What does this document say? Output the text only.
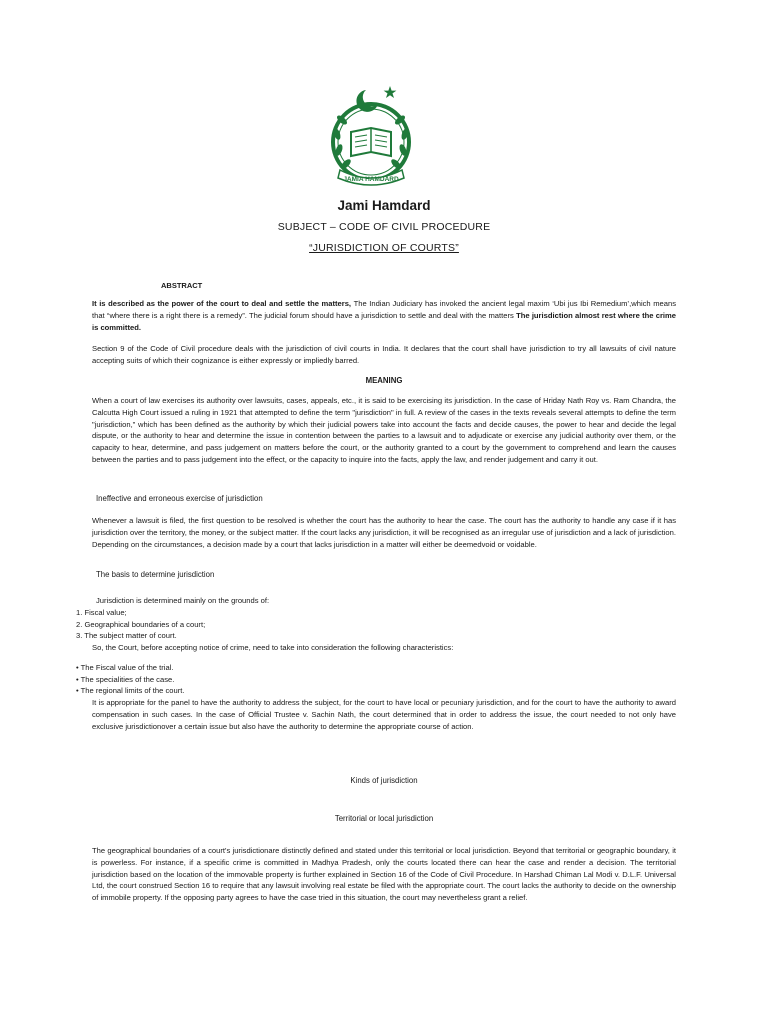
JAMIA HAMDARD
Jami Hamdard
SUBJECT – CODE OF CIVIL PROCEDURE
“JURISDICTION OF COURTS”
ABSTRACT
It is described as the power of the court to deal and settle the matters, The Indian Judiciary has invoked the ancient legal maxim ‘Ubi jus Ibi Remedium’,which means that “where there is a right there is a remedy”. The judicial forum should have a jurisdiction to settle and deal with the matters The jurisdiction almost rest where the crime is committed.
Section 9 of the Code of Civil procedure deals with the jurisdiction of civil courts in India. It declares that the court shall have jurisdiction to try all lawsuits of civil nature accepting suits of which their cognizance is either expressly or impliedly barred.
MEANING
When a court of law exercises its authority over lawsuits, cases, appeals, etc., it is said to be exercising its jurisdiction. In the case of Hriday Nath Roy vs. Ram Chandra, the Calcutta High Court issued a ruling in 1921 that attempted to define the term "jurisdiction" in full. A review of the cases in the texts reveals several attempts to define the term "jurisdiction," which has been defined as the authority by which their judicial powers take into account the facts and decide causes, the power to hear and decide the legal dispute, or the authority to hear and determine the issue in contention between the parties to a lawsuit and to adjudicate or exercise any judicial authority over them, or the capacity to hear, determine, and pass judgement on matters before the court, or the authority granted to a court by the government to comprehend and learn the causes between the parties and to pass judgement into the effect, or the capacity to inquire into the facts, apply the law, and render judgement and carry it out.
Ineffective and erroneous exercise of jurisdiction
Whenever a lawsuit is filed, the first question to be resolved is whether the court has the authority to hear the case. The court has the authority to handle any case if it has jurisdiction over the territory, the money, or the subject matter. If the court lacks any jurisdiction, it will be recognised as an irregular use of jurisdiction and a lack of jurisdiction. Depending on the circumstances, a decision made by a court that lacks jurisdiction in a matter will either be deemedvoid or voidable.
The basis to determine jurisdiction
Jurisdiction is determined mainly on the grounds of:
1. Fiscal value;
2. Geographical boundaries of a court;
3. The subject matter of court.
So, the Court, before accepting notice of crime, need to take into consideration the following characteristics:
• The Fiscal value of the trial.
• The specialities of the case.
• The regional limits of the court.
It is appropriate for the panel to have the authority to address the subject, for the court to have local or pecuniary jurisdiction, and for the court to have the authority to award compensation in such cases. In the case of Official Trustee v. Sachin Nath, the court determined that in order to address the issue, the court needed to not only have exclusive jurisdictionover a certain issue but also have the authority to determine the appropriate course of action.
Kinds of jurisdiction
Territorial or local jurisdiction
The geographical boundaries of a court's jurisdictionare distinctly defined and stated under this territorial or local jurisdiction. Beyond that territorial or geographic boundary, it is powerless. For instance, if a specific crime is committed in Madhya Pradesh, only the courts located there can hear the case and render a decision. The territorial jurisdiction based on the location of the immovable property is further explained in Section 16 of the Code of Civil Procedure. In Harshad Chiman Lal Modi v. D.L.F. Universal Ltd, the court construed Section 16 to require that any lawsuit involving real estate be filed with the appropriate court. The court lacks the authority to decide on the ownership of immobile property. If the opposing party agrees to have the case tried in this situation, the court may nevertheless grant a relief.
